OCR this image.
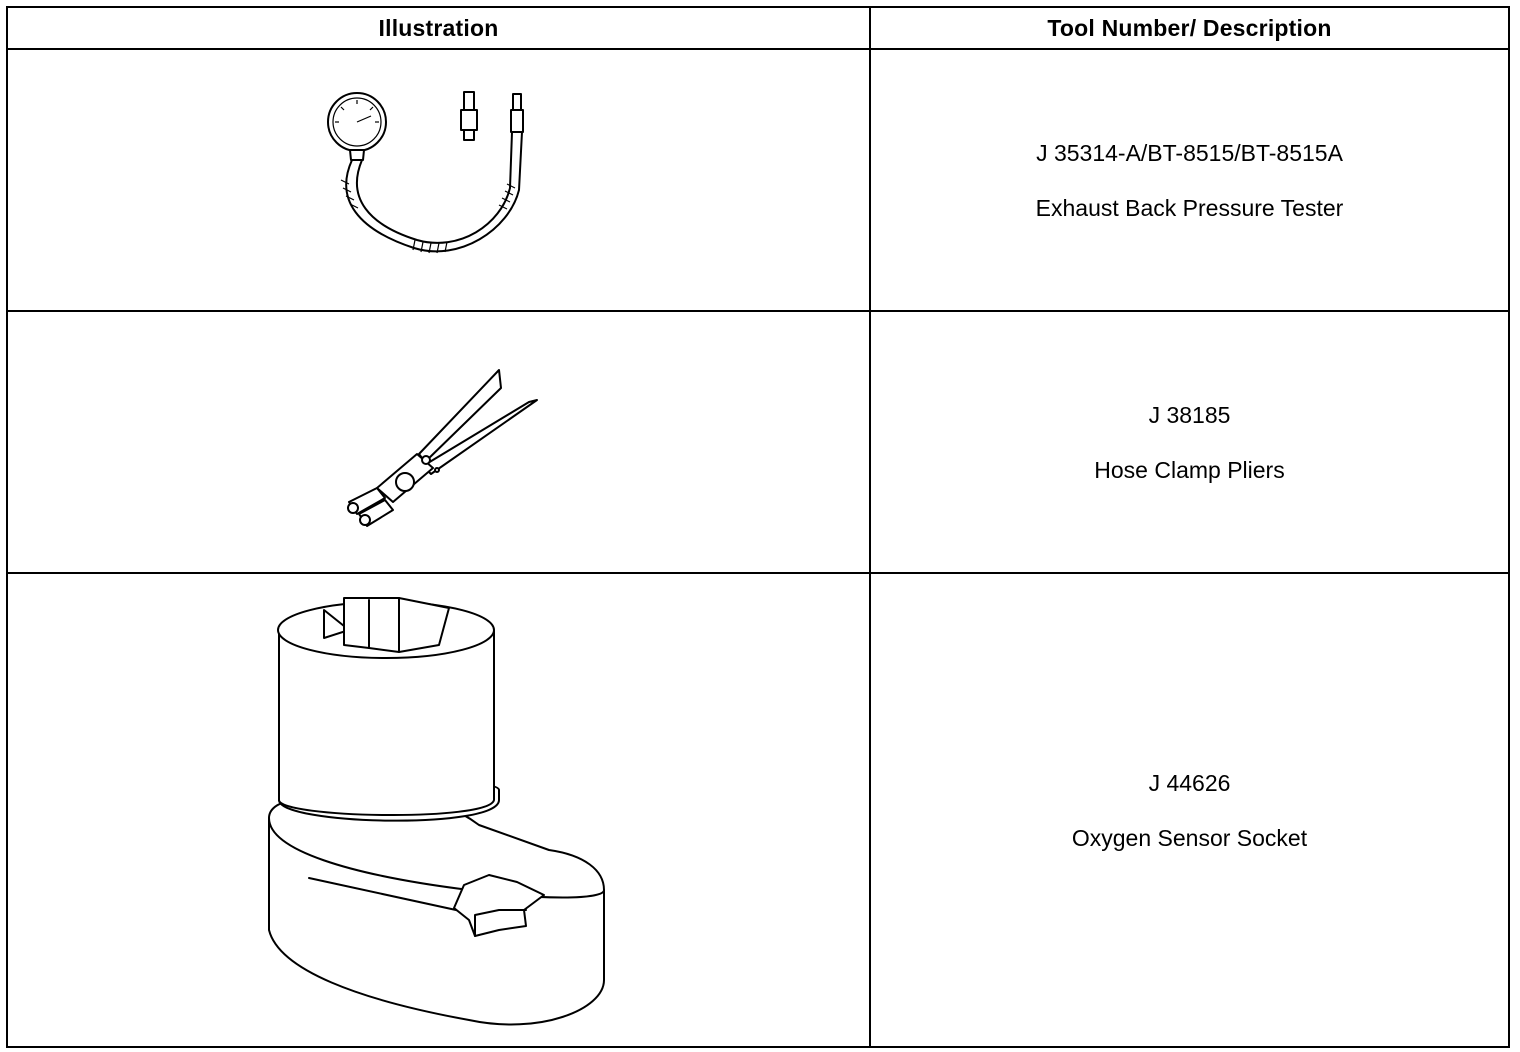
Illustration	Tool Number/ Description

J 35314-A/BT-8515/BT-8515A

Exhaust Back Pressure Tester

J 38185

Hose Clamp Pliers

J 44626

Oxygen Sensor Socket
